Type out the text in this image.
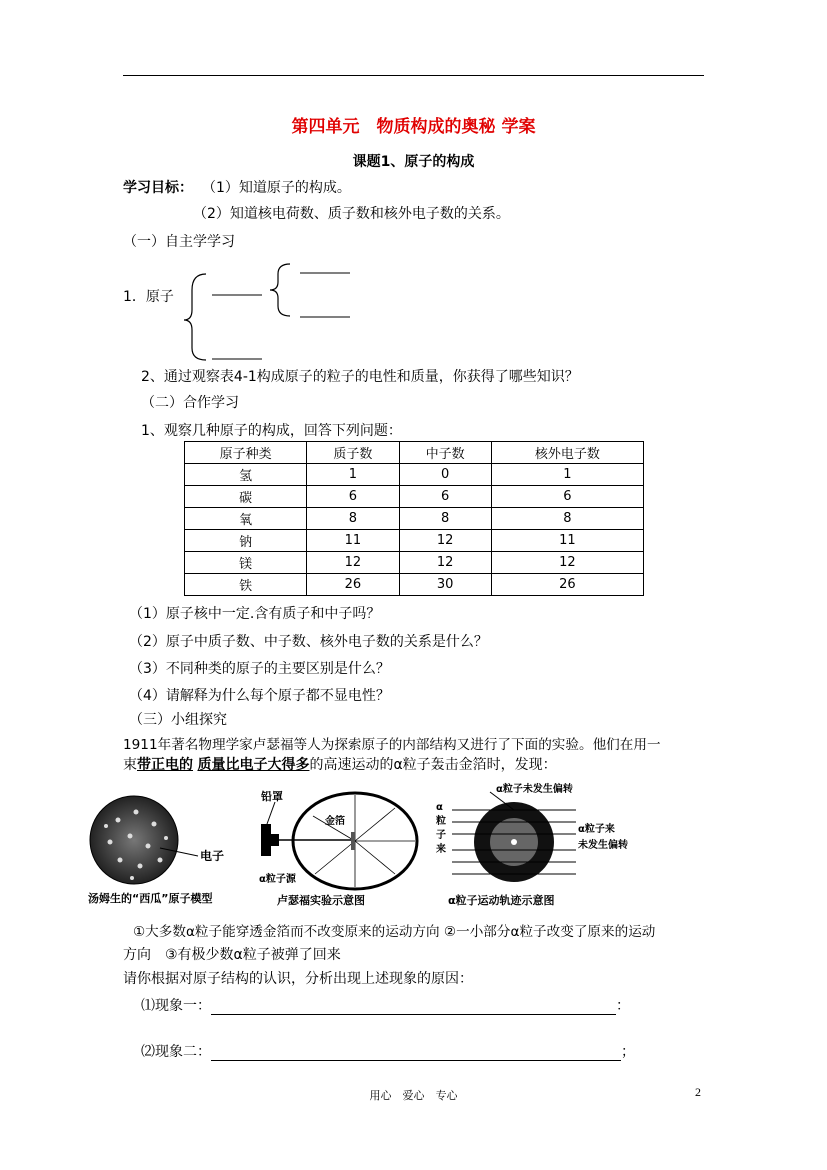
第四单元　物质构成的奥秘 学案
课题1、原子的构成
学习目标： （1）知道原子的构成。
（2）知道核电荷数、质子数和核外电子数的关系。
（一）自主学学习
1．原子
2、通过观察表4-1构成原子的粒子的电性和质量，你获得了哪些知识？
（二）合作学习
1、观察几种原子的构成，回答下列问题：
原子种类	质子数	中子数	核外电子数
氢	1	0	1
碳	6	6	6
氧	8	8	8
钠	11	12	11
镁	12	12	12
铁	26	30	26
（1）原子核中一定.含有质子和中子吗？
（2）原子中质子数、中子数、核外电子数的关系是什么？
（3）不同种类的原子的主要区别是什么？
（4）请解释为什么每个原子都不显电性？
（三）小组探究
1911年著名物理学家卢瑟福等人为探索原子的内部结构又进行了下面的实验。他们在用一
束带正电的 质量比电子大得多的高速运动的α粒子轰击金箔时，发现：
电子
汤姆生的“西瓜”原子模型
铅罩
金箔
α粒子源
卢瑟福实验示意图
α粒子未发生偏转
α
粒
子
来
α粒子来
未发生偏转
α粒子运动轨迹示意图
①大多数α粒子能穿透金箔而不改变原来的运动方向 ②一小部分α粒子改变了原来的运动
方向　③有极少数α粒子被弹了回来
请你根据对原子结构的认识，分析出现上述现象的原因：
⑴现象一：	：
⑵现象二：	；
用心　爱心　专心	2
